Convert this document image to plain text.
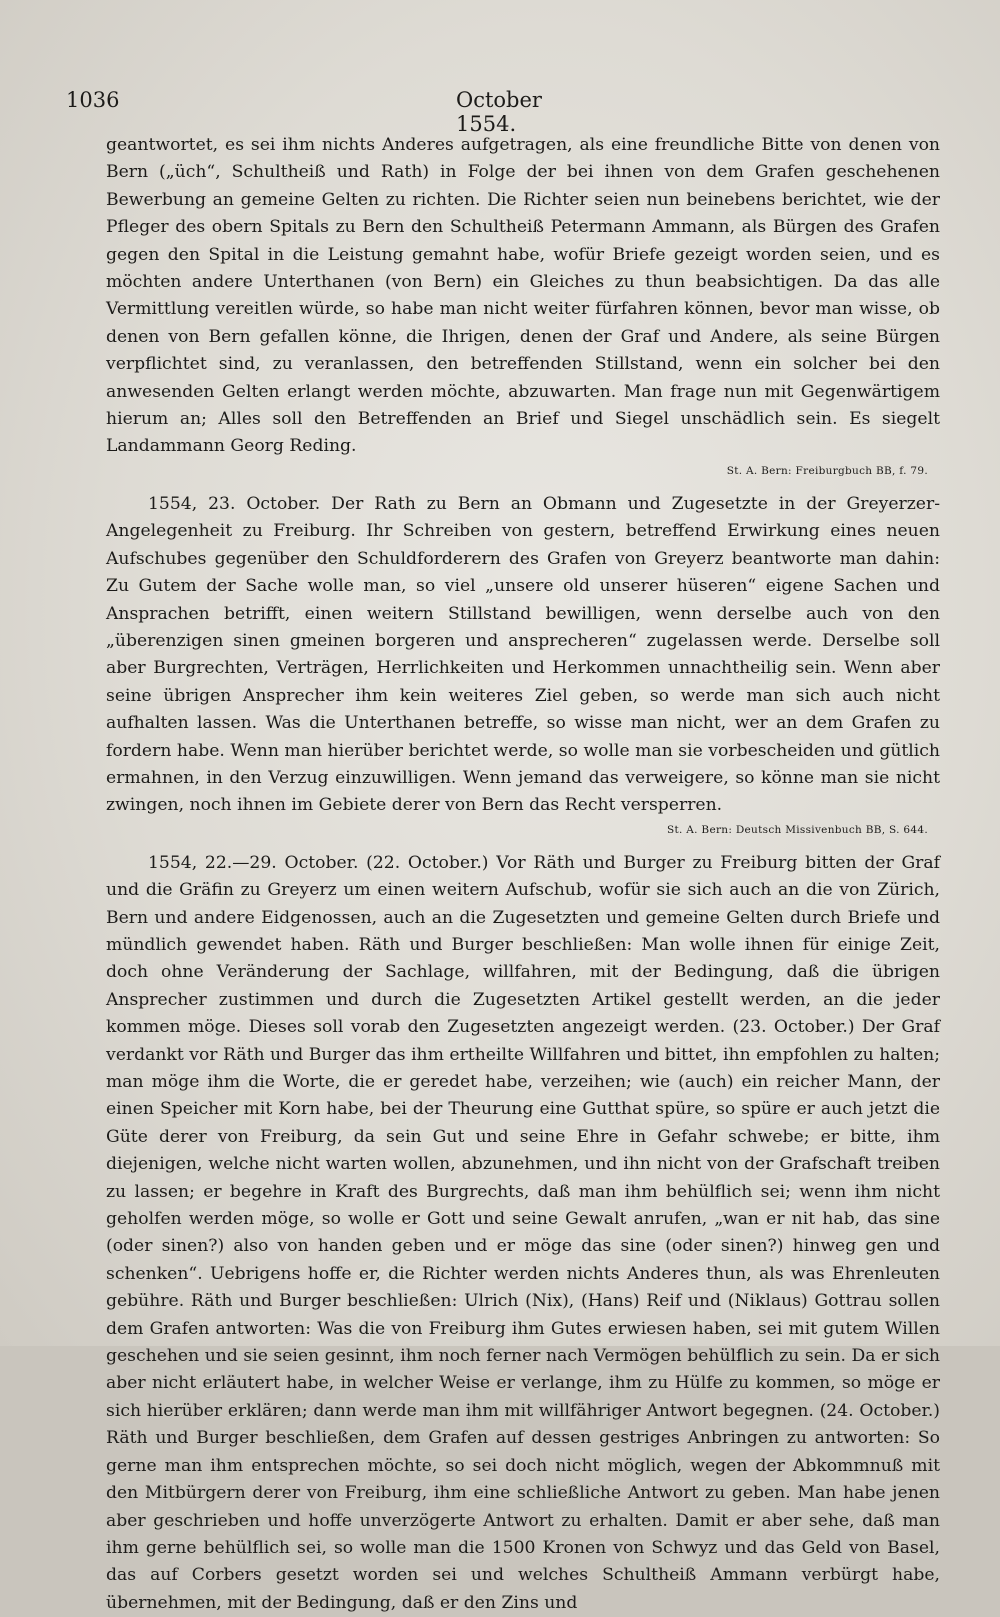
1036	October 1554.

geantwortet, es sei ihm nichts Anderes aufgetragen, als eine freundliche Bitte von denen von Bern („üch“, Schultheiß und Rath) in Folge der bei ihnen von dem Grafen geschehenen Bewerbung an gemeine Gelten zu richten. Die Richter seien nun beinebens berichtet, wie der Pfleger des obern Spitals zu Bern den Schultheiß Petermann Ammann, als Bürgen des Grafen gegen den Spital in die Leistung gemahnt habe, wofür Briefe gezeigt worden seien, und es möchten andere Unterthanen (von Bern) ein Gleiches zu thun beabsichtigen. Da das alle Vermittlung vereitlen würde, so habe man nicht weiter fürfahren können, bevor man wisse, ob denen von Bern gefallen könne, die Ihrigen, denen der Graf und Andere, als seine Bürgen verpflichtet sind, zu veranlassen, den betreffenden Stillstand, wenn ein solcher bei den anwesenden Gelten erlangt werden möchte, abzuwarten. Man frage nun mit Gegenwärtigem hierum an; Alles soll den Betreffenden an Brief und Siegel unschädlich sein. Es siegelt Landammann Georg Reding.

St. A. Bern: Freiburgbuch BB, f. 79.

1554, 23. October. Der Rath zu Bern an Obmann und Zugesetzte in der Greyerzer-Angelegenheit zu Freiburg. Ihr Schreiben von gestern, betreffend Erwirkung eines neuen Aufschubes gegenüber den Schuldforderern des Grafen von Greyerz beantworte man dahin: Zu Gutem der Sache wolle man, so viel „unsere old unserer hüseren“ eigene Sachen und Ansprachen betrifft, einen weitern Stillstand bewilligen, wenn derselbe auch von den „überenzigen sinen gmeinen borgeren und ansprecheren“ zugelassen werde. Derselbe soll aber Burgrechten, Verträgen, Herrlichkeiten und Herkommen unnachtheilig sein. Wenn aber seine übrigen Ansprecher ihm kein weiteres Ziel geben, so werde man sich auch nicht aufhalten lassen. Was die Unterthanen betreffe, so wisse man nicht, wer an dem Grafen zu fordern habe. Wenn man hierüber berichtet werde, so wolle man sie vorbescheiden und gütlich ermahnen, in den Verzug einzuwilligen. Wenn jemand das verweigere, so könne man sie nicht zwingen, noch ihnen im Gebiete derer von Bern das Recht versperren.

St. A. Bern: Deutsch Missivenbuch BB, S. 644.

1554, 22.—29. October. (22. October.) Vor Räth und Burger zu Freiburg bitten der Graf und die Gräfin zu Greyerz um einen weitern Aufschub, wofür sie sich auch an die von Zürich, Bern und andere Eidgenossen, auch an die Zugesetzten und gemeine Gelten durch Briefe und mündlich gewendet haben. Räth und Burger beschließen: Man wolle ihnen für einige Zeit, doch ohne Veränderung der Sachlage, willfahren, mit der Bedingung, daß die übrigen Ansprecher zustimmen und durch die Zugesetzten Artikel gestellt werden, an die jeder kommen möge. Dieses soll vorab den Zugesetzten angezeigt werden. (23. October.) Der Graf verdankt vor Räth und Burger das ihm ertheilte Willfahren und bittet, ihn empfohlen zu halten; man möge ihm die Worte, die er geredet habe, verzeihen; wie (auch) ein reicher Mann, der einen Speicher mit Korn habe, bei der Theurung eine Gutthat spüre, so spüre er auch jetzt die Güte derer von Freiburg, da sein Gut und seine Ehre in Gefahr schwebe; er bitte, ihm diejenigen, welche nicht warten wollen, abzunehmen, und ihn nicht von der Grafschaft treiben zu lassen; er begehre in Kraft des Burgrechts, daß man ihm behülflich sei; wenn ihm nicht geholfen werden möge, so wolle er Gott und seine Gewalt anrufen, „wan er nit hab, das sine (oder sinen?) also von handen geben und er möge das sine (oder sinen?) hinweg gen und schenken“. Uebrigens hoffe er, die Richter werden nichts Anderes thun, als was Ehrenleuten gebühre. Räth und Burger beschließen: Ulrich (Nix), (Hans) Reif und (Niklaus) Gottrau sollen dem Grafen antworten: Was die von Freiburg ihm Gutes erwiesen haben, sei mit gutem Willen geschehen und sie seien gesinnt, ihm noch ferner nach Vermögen behülflich zu sein. Da er sich aber nicht erläutert habe, in welcher Weise er verlange, ihm zu Hülfe zu kommen, so möge er sich hierüber erklären; dann werde man ihm mit willfähriger Antwort begegnen. (24. October.) Räth und Burger beschließen, dem Grafen auf dessen gestriges Anbringen zu antworten: So gerne man ihm entsprechen möchte, so sei doch nicht möglich, wegen der Abkommnuß mit den Mitbürgern derer von Freiburg, ihm eine schließliche Antwort zu geben. Man habe jenen aber geschrieben und hoffe unverzögerte Antwort zu erhalten. Damit er aber sehe, daß man ihm gerne behülflich sei, so wolle man die 1500 Kronen von Schwyz und das Geld von Basel, das auf Corbers gesetzt worden sei und welches Schultheiß Ammann verbürgt habe, übernehmen, mit der Bedingung, daß er den Zins und
